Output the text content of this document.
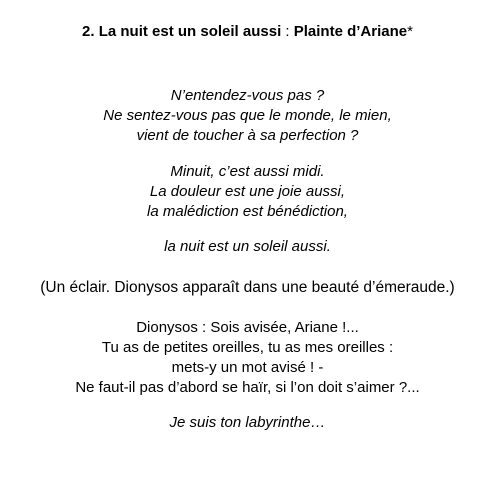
2. La nuit est un soleil aussi : Plainte d’Ariane*
N’entendez-vous pas ?
Ne sentez-vous pas que le monde, le mien,
vient de toucher à sa perfection ?
Minuit, c’est aussi midi.
La douleur est une joie aussi,
la malédiction est bénédiction,
la nuit est un soleil aussi.
(Un éclair. Dionysos apparaît dans une beauté d’émeraude.)
Dionysos : Sois avisée, Ariane !...
Tu as de petites oreilles, tu as mes oreilles :
mets-y un mot avisé ! -
Ne faut-il pas d’abord se haïr, si l’on doit s’aimer ?...
Je suis ton labyrinthe…
